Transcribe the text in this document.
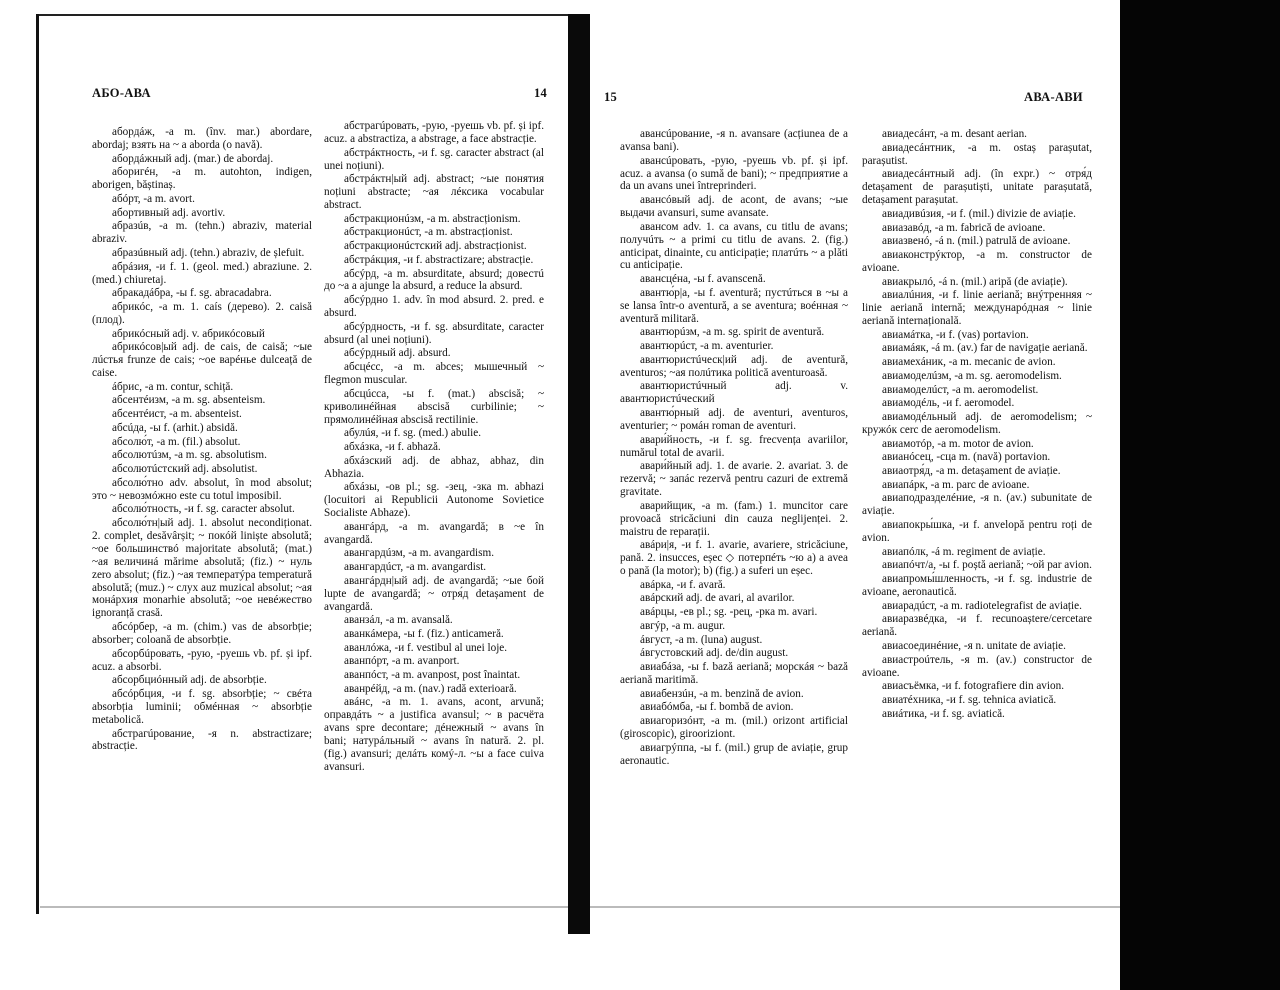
АБО-АВА	14

абордáж, -а m. (înv. mar.) abordare, abordaj; взять на ~ a aborda (o navă).

абордáжный adj. (mar.) de abordaj.

аборигéн, -а m. autohton, indigen, aborigen, băștinaș.

абóрт, -а m. avort.

абортивный adj. avortiv.

абразúв, -а m. (tehn.) abraziv, material abraziv.

абразúвный adj. (tehn.) abraziv, de șlefuit.

абрáзия, -и f. 1. (geol. med.) abraziune. 2. (med.) chiuretaj.

абракадáбра, -ы f. sg. abracadabra.

абрикóс, -а m. 1. caís (дерево). 2. caisă (плод).

абрикóсный adj. v. абрикóсовый

абрикóсов|ый adj. de cais, de caisă; ~ые лúстья frunze de cais; ~ое варéнье dulceață de caise.

áбрис, -а m. contur, schiță.

абсентéизм, -а m. sg. absenteism.

абсентéист, -а m. absenteist.

абсúда, -ы f. (arhit.) absidă.

абсолю́т, -а m. (fil.) absolut.

абсолютúзм, -а m. sg. absolutism.

абсолютúстский adj. absolutist.

абсолю́тно adv. absolut, în mod absolut; это ~ невозмóжно este cu totul imposibil.

абсолю́тность, -и f. sg. caracter absolut.

абсолю́тн|ый adj. 1. absolut necondiționat. 2. complet, desăvârșit; ~ покóй liniște absolută; ~ое большинствó majoritate absolută; (mat.) ~ая величинá mărime absolută; (fiz.) ~ нуль zero absolut; (fiz.) ~ая температýра temperatură absolută; (muz.) ~ слух auz muzical absolut; ~ая монáрхия monarhie absolută; ~ое невéжество ignoranță crasă.

абсóрбер, -а m. (chim.) vas de absorbție; absorber; coloană de absorbție.

абсорбúровать, -рую, -руешь vb. pf. și ipf. acuz. a absorbi.

абсорбциóнный adj. de absorbție.

абсóрбция, -и f. sg. absorbție; ~ свéта absorbția luminii; обмéнная ~ absorbție metabolică.

абстрагúрование, -я n. abstractizare; abstracție.

абстрагúровать, -рую, -руешь vb. pf. și ipf. acuz. a abstractiza, a abstrage, a face abstracție.

абстрáктность, -и f. sg. caracter abstract (al unei noțiuni).

абстрáктн|ый adj. abstract; ~ые понятия noțiuni abstracte; ~ая лéксика vocabular abstract.

абстракционúзм, -а m. abstracționism.

абстракционúст, -а m. abstracționist.

абстракционúстский adj. abstracționist.

абстрáкция, -и f. abstractizare; abstracție.

абсýрд, -а m. absurditate, absurd; довестú до ~а a ajunge la absurd, a reduce la absurd.

абсýрдно 1. adv. în mod absurd. 2. pred. e absurd.

абсýрдность, -и f. sg. absurditate, caracter absurd (al unei noțiuni).

абсýрдный adj. absurd.

абсцéсс, -а m. abces; мышечный ~ flegmon muscular.

абсцúсса, -ы f. (mat.) abscisă; ~ криволинéйная abscisă curbilinie; ~ прямолинéйная abscisă rectilinie.

абулúя, -и f. sg. (med.) abulie.

абхáзка, -и f. abhază.

абхáзский adj. de abhaz, abhaz, din Abhazia.

абхáзы, -ов pl.; sg. -зец, -зка m. abhazi (locuitori ai Republicii Autonome Sovietice Socialiste Abhaze).

авангáрд, -а m. avangardă; в ~е în avangardă.

авангардúзм, -а m. avangardism.

авангардúст, -а m. avangardist.

авангáрдн|ый adj. de avangardă; ~ые бой lupte de avangardă; ~ отря́д detașament de avangardă.

аванзáл, -а m. avansală.

аванкáмера, -ы f. (fiz.) anticameră.

аванлóжа, -и f. vestibul al unei loje.

аванпóрт, -а m. avanport.

аванпóст, -а m. avanpost, post înaintat.

аванрéйд, -а m. (nav.) radă exterioară.

авáнс, -а m. 1. avans, acont, arvună; оправдáть ~ a justifica avansul; ~ в расчёта avans spre decontare; дéнежный ~ avans în bani; натурáльный ~ avans în natură. 2. pl. (fig.) avansuri; делáть комý-л. ~ы a face cuiva avansuri.

15	АВА-АВИ

авансúрование, -я n. avansare (acțiunea de a avansa bani).

авансúровать, -рую, -руешь vb. pf. și ipf. acuz. a avansa (o sumă de bani); ~ предприятие a da un avans unei întreprinderi.

авансóвый adj. de acont, de avans; ~ые выдачи avansuri, sume avansate.

авансом adv. 1. ca avans, cu titlu de avans; получúть ~ a primi cu titlu de avans. 2. (fig.) anticipat, dinainte, cu anticipație; платúть ~ a plăti cu anticipație.

авансцéна, -ы f. avanscenă.

авантю́р|а, -ы f. aventură; пустúться в ~ы a se lansa într-o aventură, a se aventura; воéнная ~ aventură militară.

авантюрúзм, -а m. sg. spirit de aventură.

авантюрúст, -а m. aventurier.

авантюристúческ|ий adj. de aventură, aventuros; ~ая полúтика politică aventuroasă.

авантюристúчный adj. v. авантюристúческий

авантю́рный adj. de aventuri, aventuros, aventurier; ~ ромáн roman de aventuri.

авари́йность, -и f. sg. frecvența avariilor, numărul total de avarii.

авари́йный adj. 1. de avarie. 2. avariat. 3. de rezervă; ~ запáс rezervă pentru cazuri de extremă gravitate.

аварийщик, -а m. (fam.) 1. muncitor care provoacă stricăciuni din cauza neglijenței. 2. maistru de reparații.

авáри|я, -и f. 1. avarie, avariere, stricăciune, pană. 2. insucces, eșec ◇ потерпéть ~ю a) a avea o pană (la motor); b) (fig.) a suferi un eșec.

авáрка, -и f. avară.

авáрский adj. de avari, al avarilor.

авáрцы, -ев pl.; sg. -рец, -рка m. avari.

авгýр, -а m. augur.

áвгуст, -а m. (luna) august.

áвгустовский adj. de/din august.

авиабáза, -ы f. bază aeriană; морскáя ~ bază aeriană maritimă.

авиабензúн, -а m. benzină de avion.

авиабóмба, -ы f. bombă de avion.

авиагоризóнт, -а m. (mil.) orizont artificial (giroscopic), girooriziont.

авиагрýппа, -ы f. (mil.) grup de aviație, grup aeronautic.

авиадесáнт, -а m. desant aerian.

авиадесáнтник, -а m. ostaș parașutat, parașutist.

авиадесáнтный adj. (în expr.) ~ отря́д detașament de parașutiști, unitate parașutată, detașament parașutat.

авиадивúзия, -и f. (mil.) divizie de aviație.

авиазавóд, -а m. fabrică de avioane.

авиазвенó, -á n. (mil.) patrulă de avioane.

авиаконстрýктор, -а m. constructor de avioane.

авиакрылó, -á n. (mil.) aripă (de aviație).

авиалúния, -и f. linie aeriană; внýтренняя ~ linie aeriană internă; междунарóдная ~ linie aeriană internațională.

авиамáтка, -и f. (vas) portavion.

авиамáяк, -á m. (av.) far de navigație aeriană.

авиамехáник, -а m. mecanic de avion.

авиамоделúзм, -а m. sg. aeromodelism.

авиамоделúст, -а m. aeromodelist.

авиамодéль, -и f. aeromodel.

авиамодéльный adj. de aeromodelism; ~ кружóк cerc de aeromodelism.

авиамотóр, -а m. motor de avion.

авианóсец, -сца m. (navă) portavion.

авиаотря́д, -а m. detașament de aviație.

авиапáрк, -а m. parc de avioane.

авиаподразделéние, -я n. (av.) subunitate de aviație.

авиапокры́шка, -и f. anvelopă pentru roți de avion.

авиапóлк, -á m. regiment de aviație.

авиапóчт/а, -ы f. poștă aeriană; ~ой par avion.

авиапромы́шленность, -и f. sg. industrie de avioane, aeronautică.

авиарадúст, -а m. radiotelegrafist de aviație.

авиаразвéдка, -и f. recunoaștere/cercetare aeriană.

авиасоединéние, -я n. unitate de aviație.

авиастроúтель, -я m. (av.) constructor de avioane.

авиасъёмка, -и f. fotografiere din avion.

авиатéхника, -и f. sg. tehnica aviatică.

авиáтика, -и f. sg. aviatică.
